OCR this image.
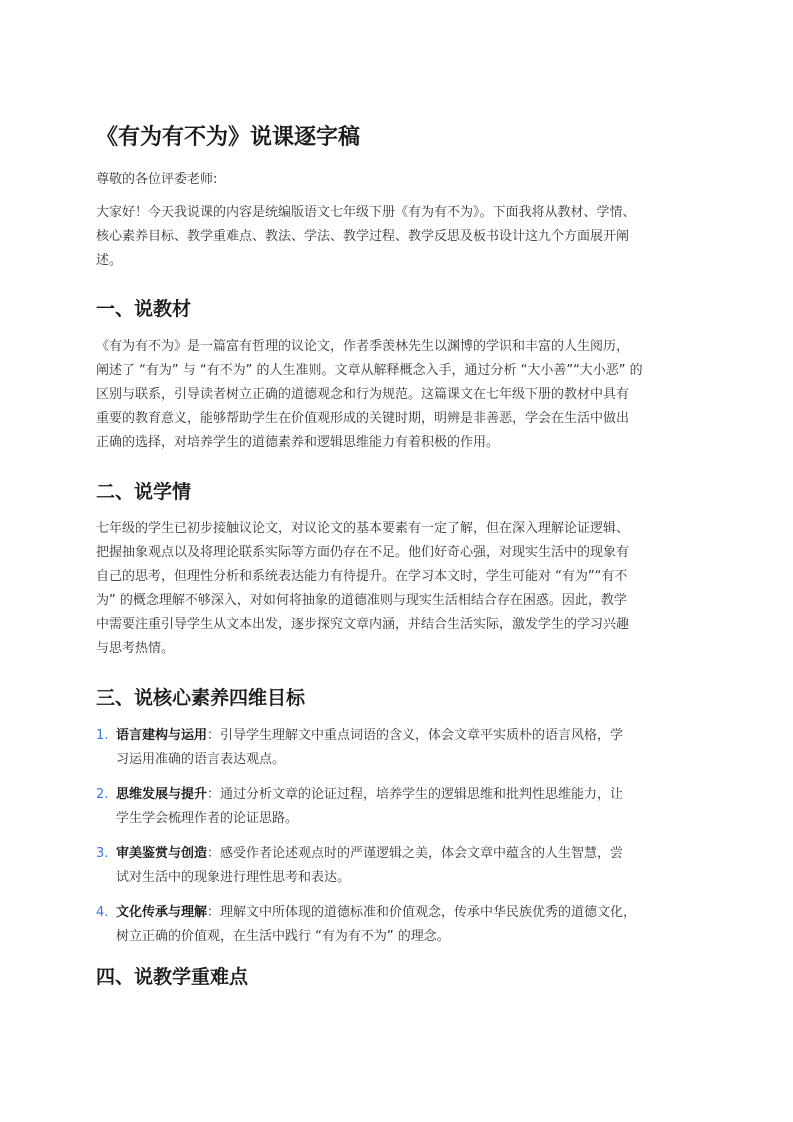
《有为有不为》说课逐字稿

尊敬的各位评委老师:

大家好！今天我说课的内容是统编版语文七年级下册《有为有不为》。下面我将从教材、学情、
核心素养目标、教学重难点、教法、学法、教学过程、教学反思及板书设计这九个方面展开阐
述。

一、说教材

《有为有不为》是一篇富有哲理的议论文，作者季羡林先生以渊博的学识和丰富的人生阅历，
阐述了 “有为” 与 “有不为” 的人生准则。文章从解释概念入手，通过分析 “大小善”“大小恶” 的
区别与联系，引导读者树立正确的道德观念和行为规范。这篇课文在七年级下册的教材中具有
重要的教育意义，能够帮助学生在价值观形成的关键时期，明辨是非善恶，学会在生活中做出
正确的选择，对培养学生的道德素养和逻辑思维能力有着积极的作用。

二、说学情

七年级的学生已初步接触议论文，对议论文的基本要素有一定了解，但在深入理解论证逻辑、
把握抽象观点以及将理论联系实际等方面仍存在不足。他们好奇心强，对现实生活中的现象有
自己的思考，但理性分析和系统表达能力有待提升。在学习本文时，学生可能对 “有为”“有不
为” 的概念理解不够深入，对如何将抽象的道德准则与现实生活相结合存在困惑。因此，教学
中需要注重引导学生从文本出发，逐步探究文章内涵，并结合生活实际，激发学生的学习兴趣
与思考热情。

三、说核心素养四维目标
1. 语言建构与运用：引导学生理解文中重点词语的含义，体会文章平实质朴的语言风格，学
习运用准确的语言表达观点。
2. 思维发展与提升：通过分析文章的论证过程，培养学生的逻辑思维和批判性思维能力，让
学生学会梳理作者的论证思路。
3. 审美鉴赏与创造：感受作者论述观点时的严谨逻辑之美，体会文章中蕴含的人生智慧，尝
试对生活中的现象进行理性思考和表达。
4. 文化传承与理解：理解文中所体现的道德标准和价值观念，传承中华民族优秀的道德文化，
树立正确的价值观，在生活中践行 “有为有不为” 的理念。
四、说教学重难点
